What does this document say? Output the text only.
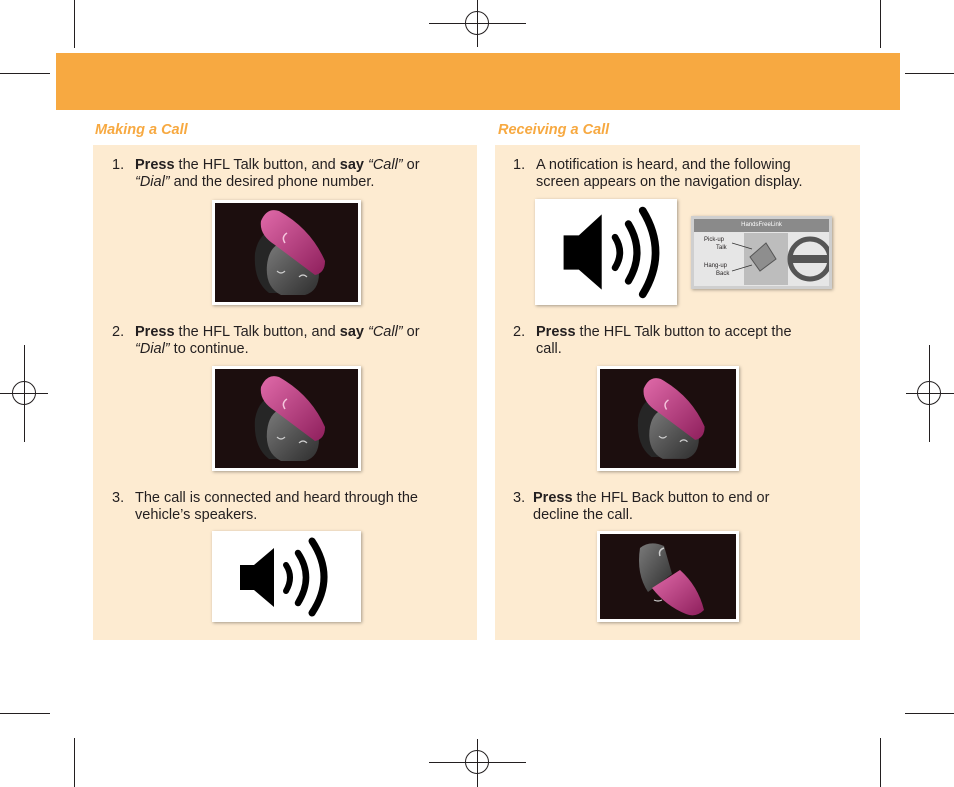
Making a Call	Receiving a Call
1. Press the HFL Talk button, and say “Call” or
“Dial” and the desired phone number.
2. Press the HFL Talk button, and say “Call” or
“Dial” to continue.
3. The call is connected and heard through the
vehicle’s speakers.
1. A notification is heard, and the following
screen appears on the navigation display.
HandsFreeLink
Pick-up
Talk
Hang-up
Back
2. Press the HFL Talk button to accept the
call.
3. Press the HFL Back button to end or
decline the call.
